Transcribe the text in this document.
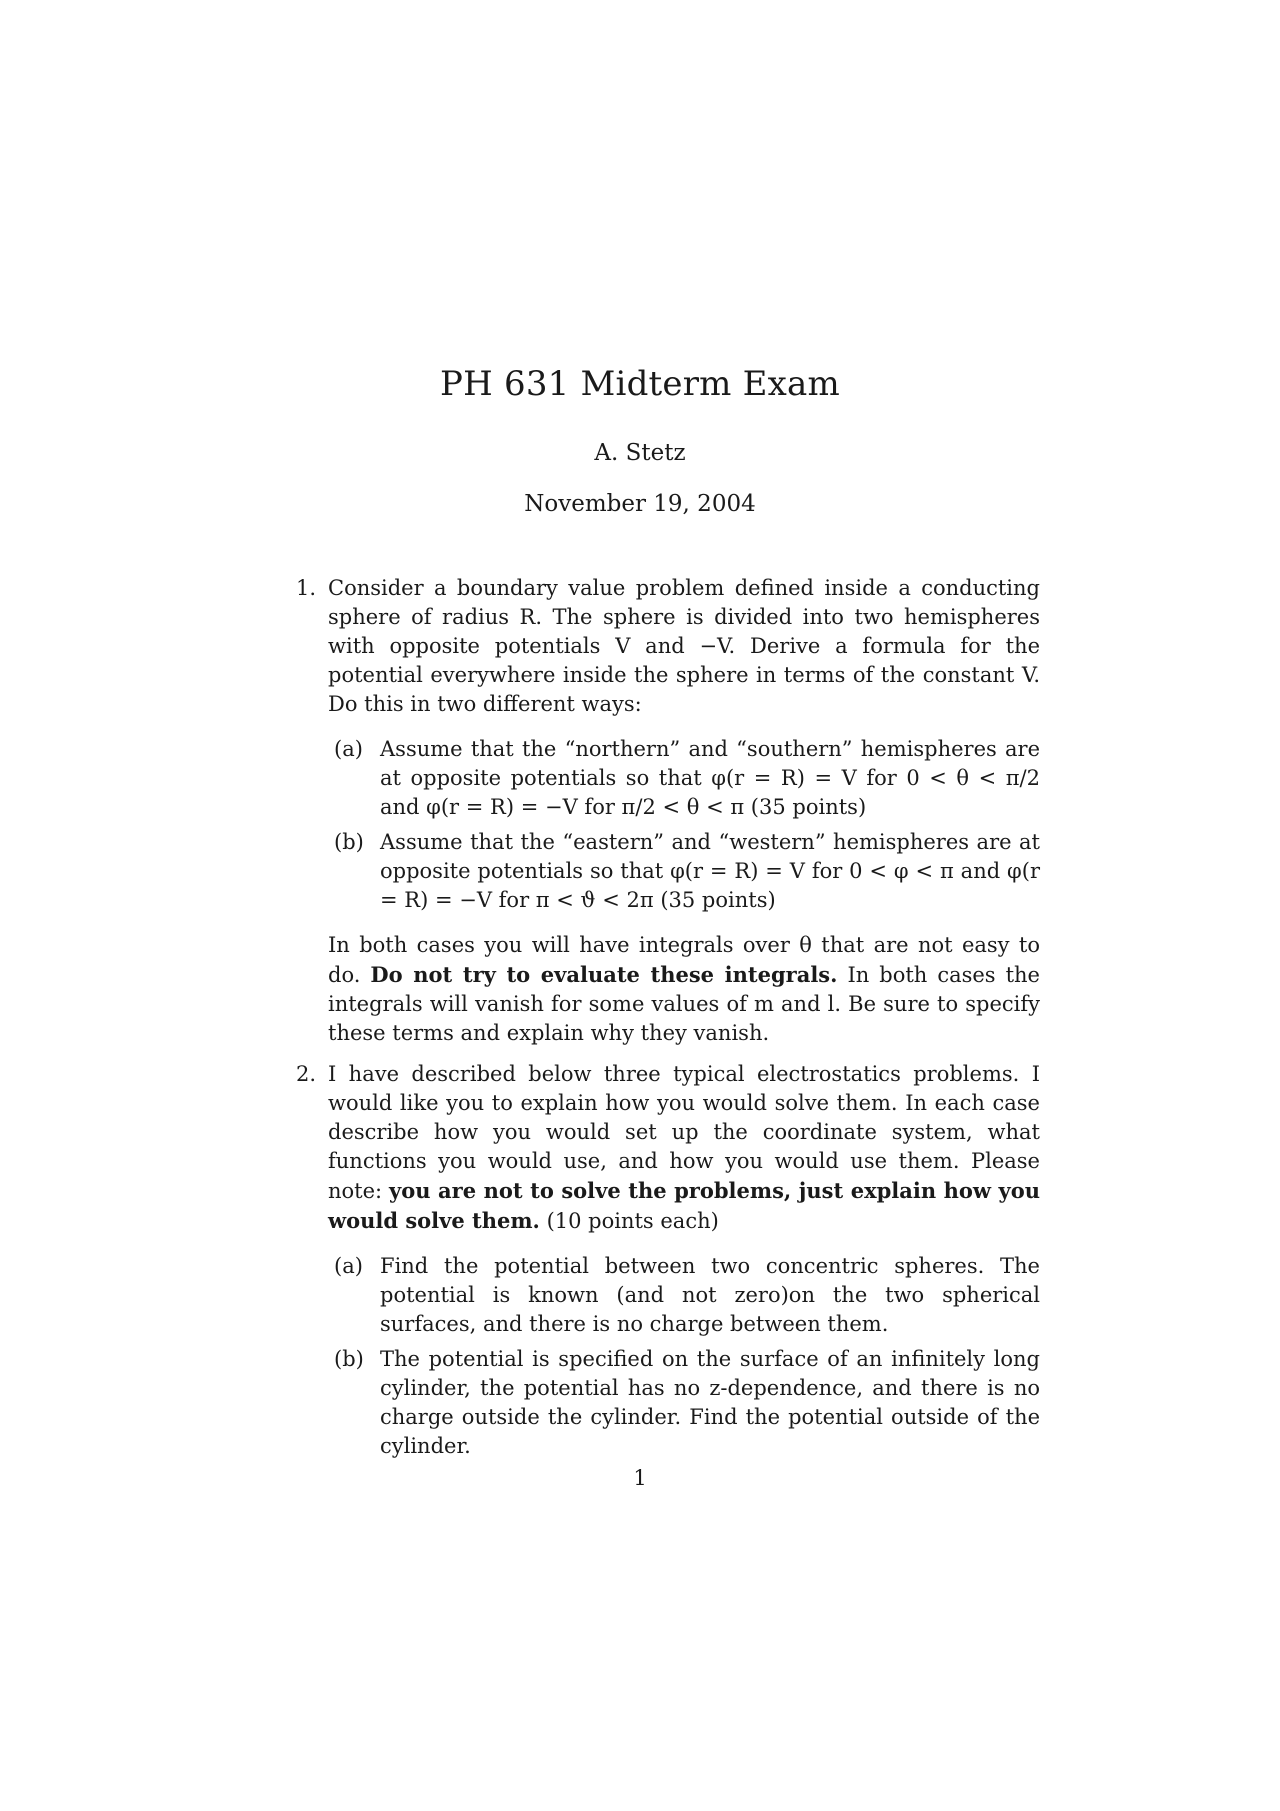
PH 631 Midterm Exam
A. Stetz
November 19, 2004
1. Consider a boundary value problem defined inside a conducting sphere of radius R. The sphere is divided into two hemispheres with opposite potentials V and −V. Derive a formula for the potential everywhere inside the sphere in terms of the constant V. Do this in two different ways:

(a) Assume that the “northern” and “southern” hemispheres are at opposite potentials so that φ(r = R) = V for 0 < θ < π/2 and φ(r = R) = −V for π/2 < θ < π (35 points)
(b) Assume that the “eastern” and “western” hemispheres are at opposite potentials so that φ(r = R) = V for 0 < φ < π and φ(r = R) = −V for π < ϑ < 2π (35 points)

In both cases you will have integrals over θ that are not easy to do. Do not try to evaluate these integrals. In both cases the integrals will vanish for some values of m and l. Be sure to specify these terms and explain why they vanish.

2. I have described below three typical electrostatics problems. I would like you to explain how you would solve them. In each case describe how you would set up the coordinate system, what functions you would use, and how you would use them. Please note: you are not to solve the problems, just explain how you would solve them. (10 points each)

(a) Find the potential between two concentric spheres. The potential is known (and not zero)on the two spherical surfaces, and there is no charge between them.
(b) The potential is specified on the surface of an infinitely long cylinder, the potential has no z-dependence, and there is no charge outside the cylinder. Find the potential outside of the cylinder.
1
